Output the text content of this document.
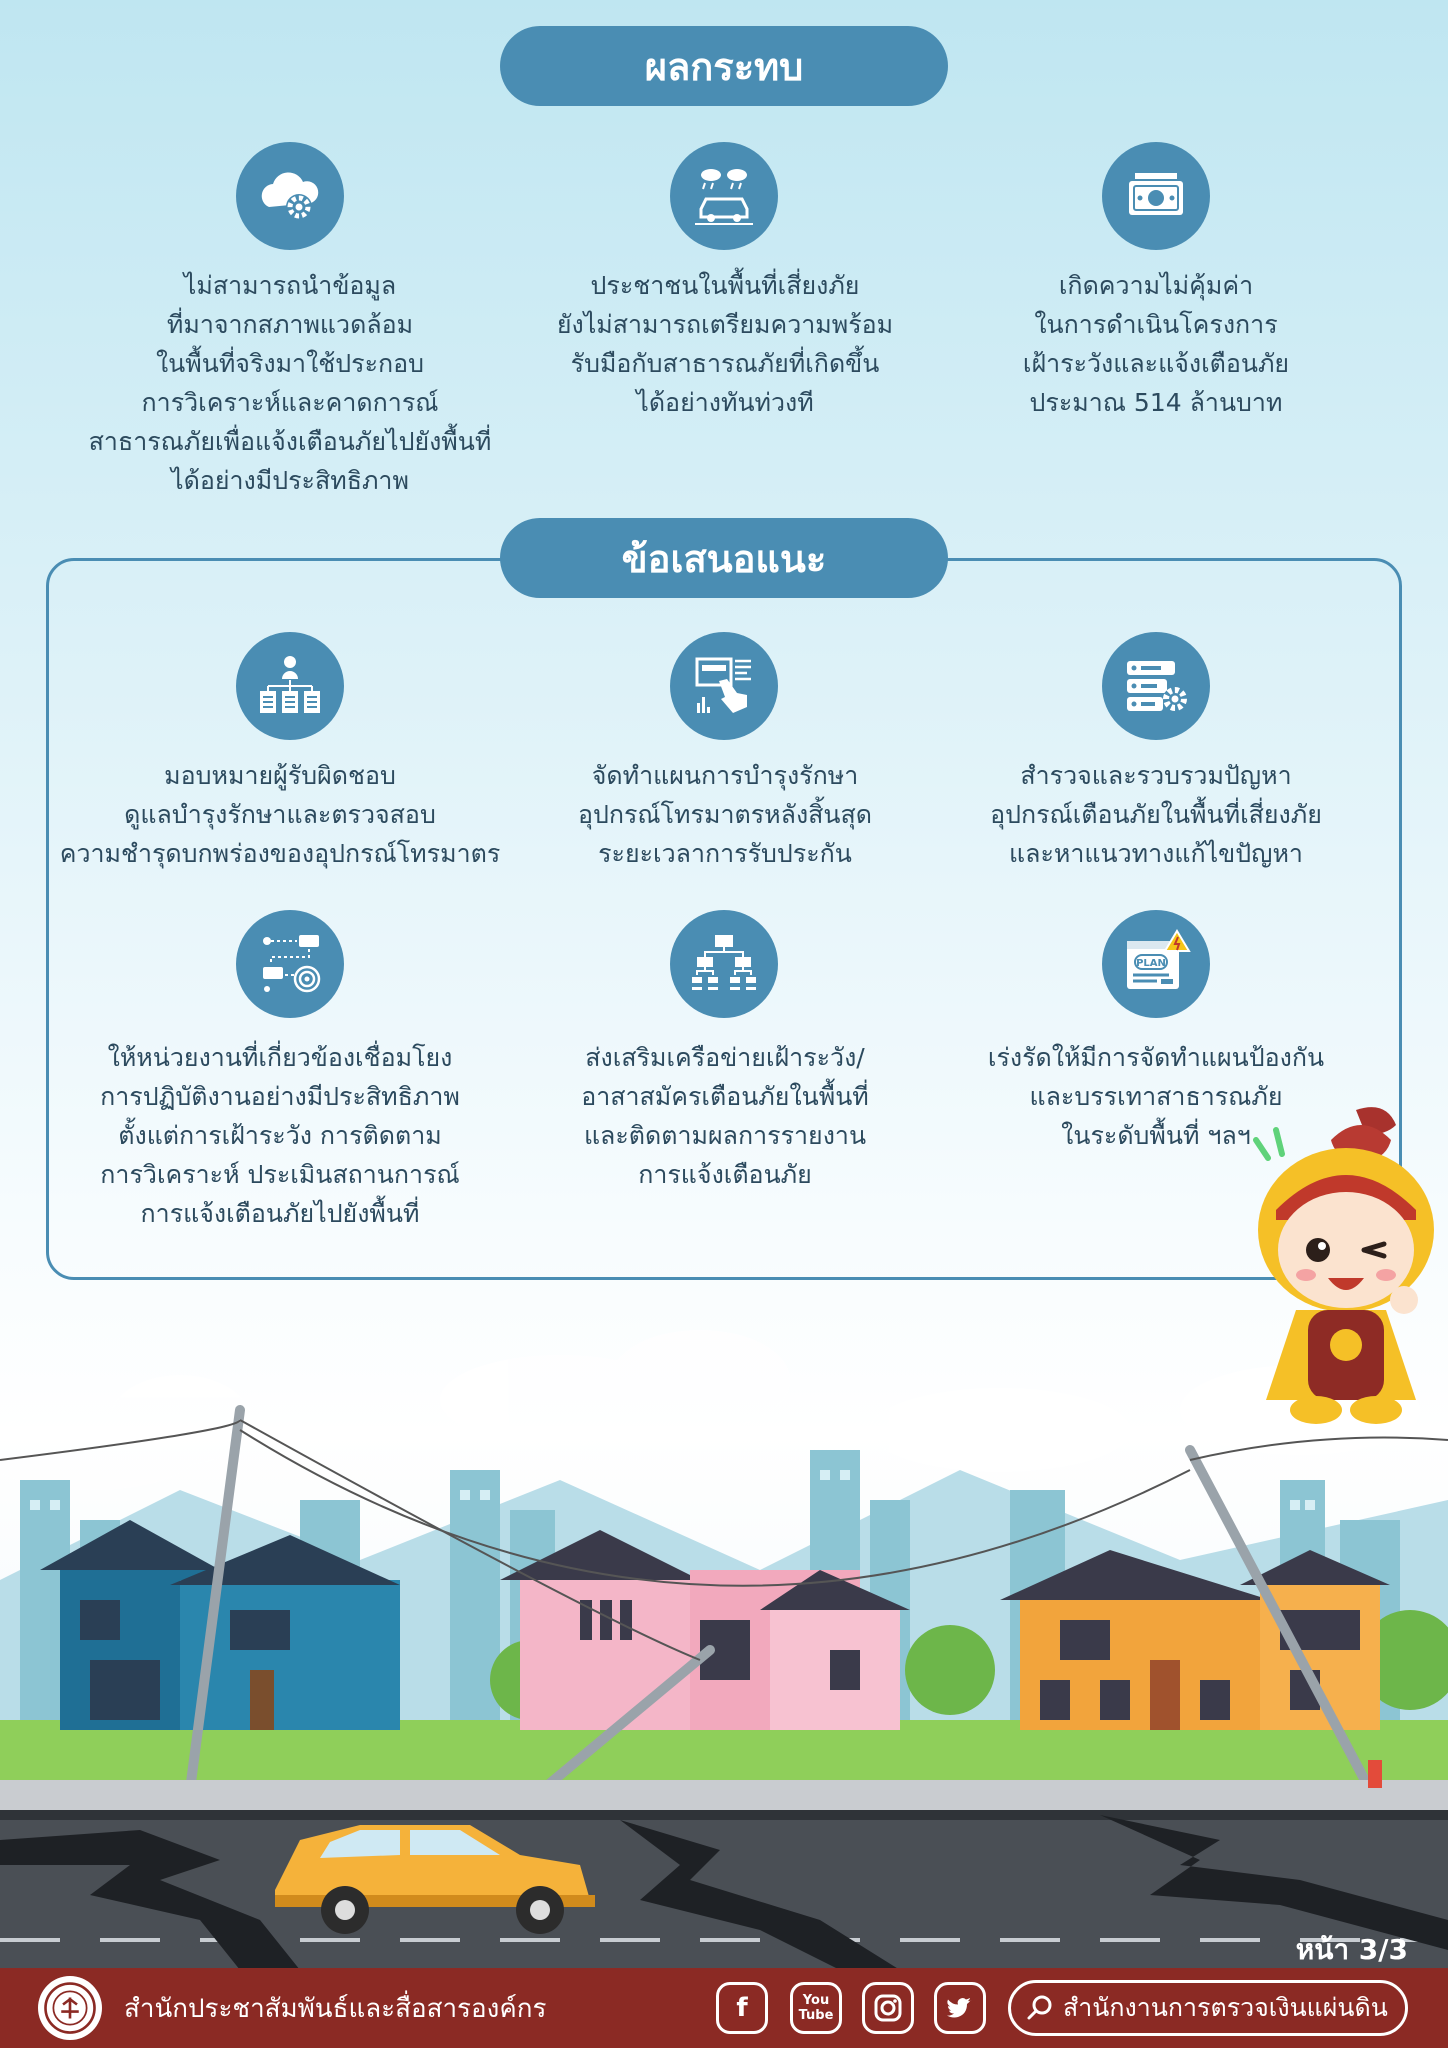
ผลกระทบ
ไม่สามารถนำข้อมูล
ที่มาจากสภาพแวดล้อม
ในพื้นที่จริงมาใช้ประกอบ
การวิเคราะห์และคาดการณ์
สาธารณภัยเพื่อแจ้งเตือนภัยไปยังพื้นที่
ได้อย่างมีประสิทธิภาพ
ประชาชนในพื้นที่เสี่ยงภัย
ยังไม่สามารถเตรียมความพร้อม
รับมือกับสาธารณภัยที่เกิดขึ้น
ได้อย่างทันท่วงที
เกิดความไม่คุ้มค่า
ในการดำเนินโครงการ
เฝ้าระวังและแจ้งเตือนภัย
ประมาณ 514 ล้านบาท
ข้อเสนอแนะ
มอบหมายผู้รับผิดชอบ
ดูแลบำรุงรักษาและตรวจสอบ
ความชำรุดบกพร่องของอุปกรณ์โทรมาตร
จัดทำแผนการบำรุงรักษา
อุปกรณ์โทรมาตรหลังสิ้นสุด
ระยะเวลาการรับประกัน
สำรวจและรวบรวมปัญหา
อุปกรณ์เตือนภัยในพื้นที่เสี่ยงภัย
และหาแนวทางแก้ไขปัญหา
PLAN
ให้หน่วยงานที่เกี่ยวข้องเชื่อมโยง
การปฏิบัติงานอย่างมีประสิทธิภาพ
ตั้งแต่การเฝ้าระวัง การติดตาม
การวิเคราะห์ ประเมินสถานการณ์
การแจ้งเตือนภัยไปยังพื้นที่
ส่งเสริมเครือข่ายเฝ้าระวัง/
อาสาสมัครเตือนภัยในพื้นที่
และติดตามผลการรายงาน
การแจ้งเตือนภัย
เร่งรัดให้มีการจัดทำแผนป้องกัน
และบรรเทาสาธารณภัย
ในระดับพื้นที่ ฯลฯ
หน้า 3/3
สำนักประชาสัมพันธ์และสื่อสารองค์กร	f	You
Tube	สำนักงานการตรวจเงินแผ่นดิน
